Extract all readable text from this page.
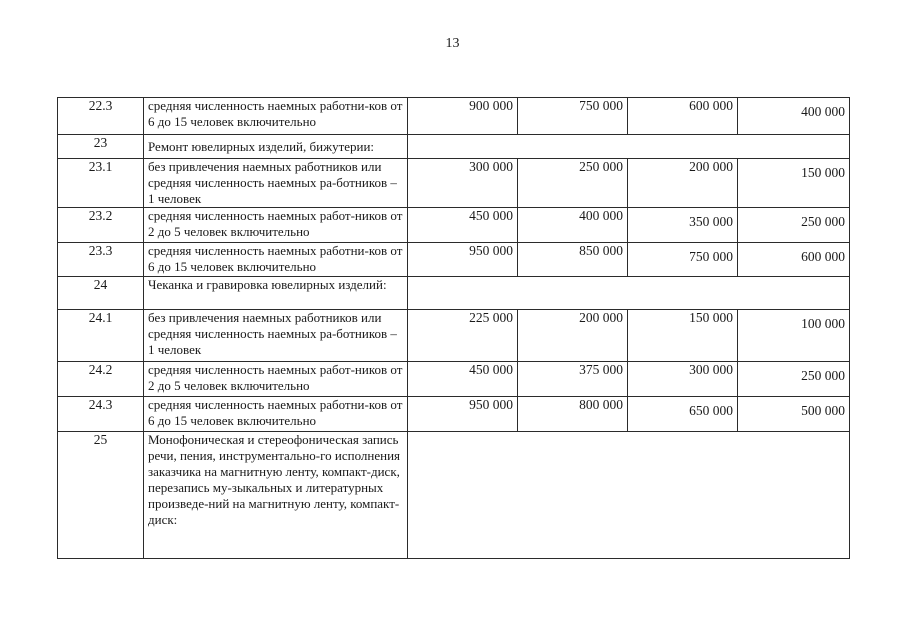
13
22.3	средняя численность наемных работни-ков от 6 до 15 человек включительно	900 000	750 000	600 000	400 000
23	Ремонт ювелирных изделий, бижутерии:				
23.1	без привлечения наемных работников или средняя численность наемных ра-ботников – 1 человек	300 000	250 000	200 000	150 000
23.2	средняя численность наемных работ-ников от 2 до 5 человек включительно	450 000	400 000	350 000	250 000
23.3	средняя численность наемных работни-ков от 6 до 15 человек включительно	950 000	850 000	750 000	600 000
24	Чеканка и гравировка ювелирных изделий:				
24.1	без привлечения наемных работников или средняя численность наемных ра-ботников – 1 человек	225 000	200 000	150 000	100 000
24.2	средняя численность наемных работ-ников от 2 до 5 человек включительно	450 000	375 000	300 000	250 000
24.3	средняя численность наемных работни-ков от 6 до 15 человек включительно	950 000	800 000	650 000	500 000
25	Монофоническая и стереофоническая запись речи, пения, инструментально-го исполнения заказчика на магнитную ленту, компакт-диск, перезапись му-зыкальных и литературных произведе-ний на магнитную ленту, компакт-диск:				
